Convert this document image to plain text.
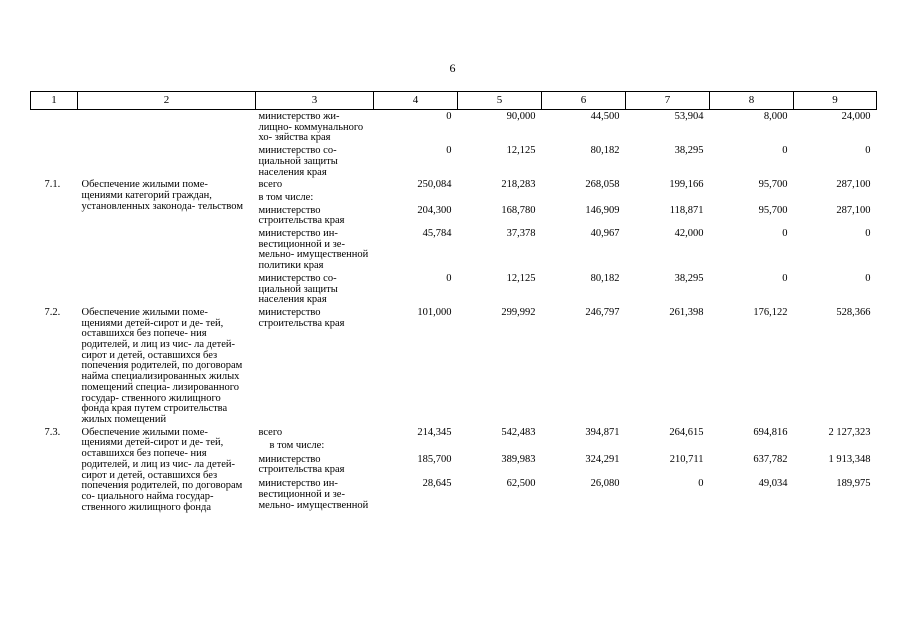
6
1	2	3	4	5	6	7	8	9
		министерство жи- лищно- коммунального хо- зяйства края	0	90,000	44,500	53,904	8,000	24,000
		министерство со- циальной защиты населения края	0	12,125	80,182	38,295	0	0
7.1.	Обеспечение жилыми поме- щениями категорий граждан, установленных законода- тельством	всего	250,084	218,283	268,058	199,166	95,700	287,100
		в том числе:						
		министерство строительства края	204,300	168,780	146,909	118,871	95,700	287,100
		министерство ин- вестиционной и зе- мельно- имущественной политики края	45,784	37,378	40,967	42,000	0	0
		министерство со- циальной защиты населения края	0	12,125	80,182	38,295	0	0
7.2.	Обеспечение жилыми поме- щениями детей-сирот и де- тей, оставшихся без попече- ния родителей, и лиц из чис- ла детей-сирот и детей, оставшихся без попечения родителей, по договорам найма специализированных жилых помещений специа- лизированного государ- ственного жилищного фонда края путем строительства жилых помещений	министерство строительства края	101,000	299,992	246,797	261,398	176,122	528,366
7.3.	Обеспечение жилыми поме- щениями детей-сирот и де- тей, оставшихся без попече- ния родителей, и лиц из чис- ла детей-сирот и детей, оставшихся без попечения родителей, по договорам со- циального найма государ- ственного жилищного фонда	всего	214,345	542,483	394,871	264,615	694,816	2 127,323
		в том числе:						
		министерство строительства края	185,700	389,983	324,291	210,711	637,782	1 913,348
		министерство ин- вестиционной и зе- мельно- имущественной	28,645	62,500	26,080	0	49,034	189,975
